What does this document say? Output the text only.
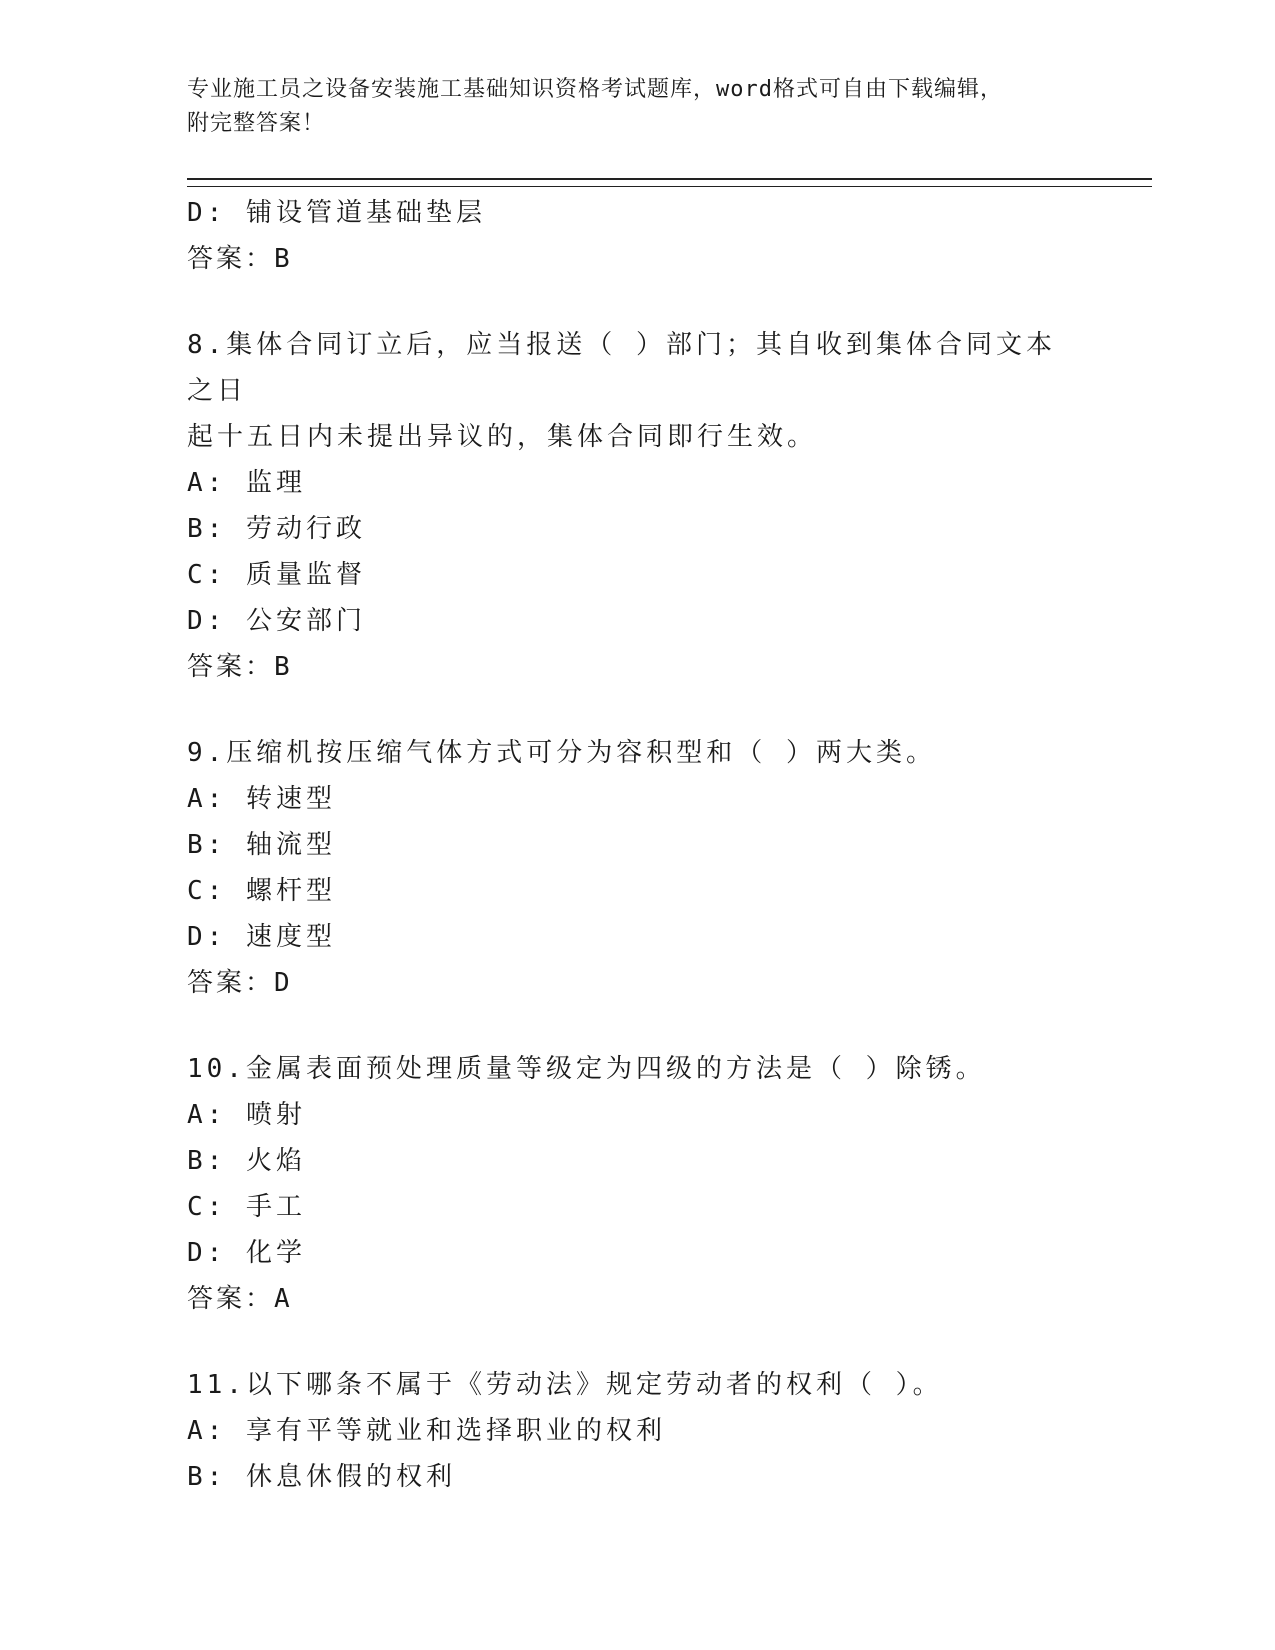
专业施工员之设备安装施工基础知识资格考试题库，word格式可自由下载编辑，
附完整答案！
D: 铺设管道基础垫层
答案：B
8.集体合同订立后，应当报送（ ）部门；其自收到集体合同文本之日
起十五日内未提出异议的，集体合同即行生效。
A: 监理
B: 劳动行政
C: 质量监督
D: 公安部门
答案：B
9.压缩机按压缩气体方式可分为容积型和（ ）两大类。
A: 转速型
B: 轴流型
C: 螺杆型
D: 速度型
答案：D
10.金属表面预处理质量等级定为四级的方法是（ ）除锈。
A: 喷射
B: 火焰
C: 手工
D: 化学
答案：A
11.以下哪条不属于《劳动法》规定劳动者的权利（ ）。
A: 享有平等就业和选择职业的权利
B: 休息休假的权利
